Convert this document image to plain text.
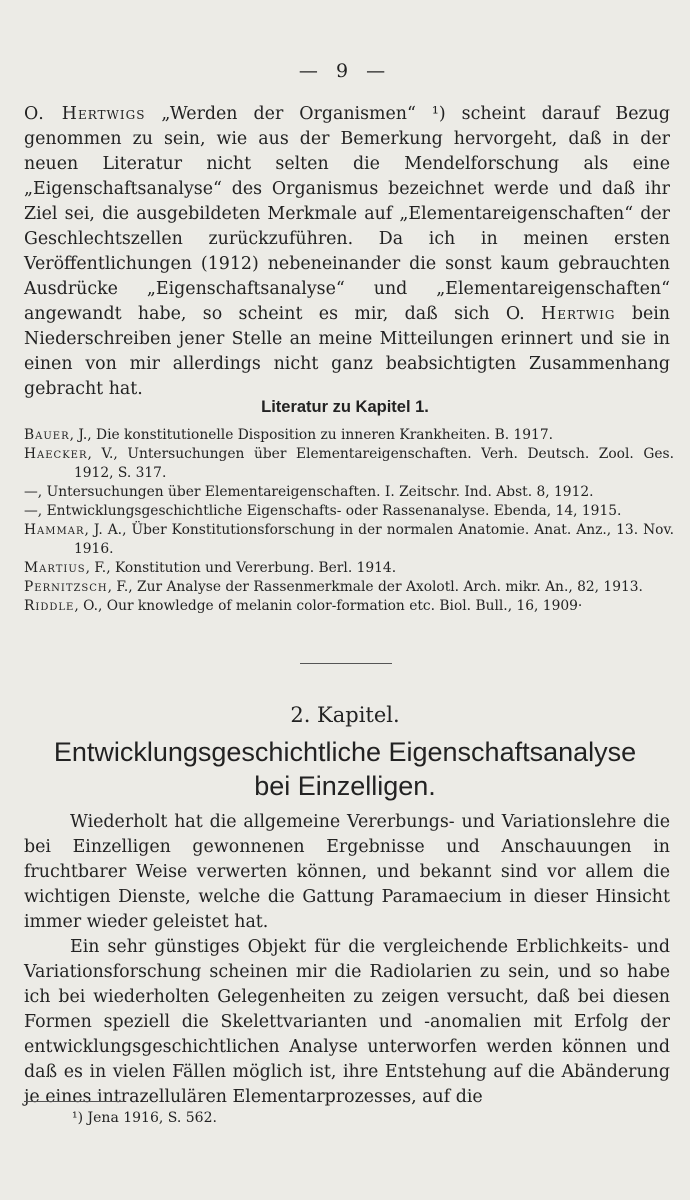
— 9 —

O. Hertwigs „Werden der Organismen“ ¹) scheint darauf Bezug genommen zu sein, wie aus der Bemerkung hervorgeht, daß in der neuen Literatur nicht selten die Mendelforschung als eine „Eigenschaftsanalyse“ des Organismus bezeichnet werde und daß ihr Ziel sei, die ausgebildeten Merkmale auf „Elementareigenschaften“ der Geschlechtszellen zurückzuführen. Da ich in meinen ersten Veröffentlichungen (1912) nebeneinander die sonst kaum gebrauchten Ausdrücke „Eigenschaftsanalyse“ und „Elementareigenschaften“ angewandt habe, so scheint es mir, daß sich O. Hertwig bein Niederschreiben jener Stelle an meine Mitteilungen erinnert und sie in einen von mir allerdings nicht ganz beabsichtigten Zusammenhang gebracht hat.

Literatur zu Kapitel 1.

Bauer, J., Die konstitutionelle Disposition zu inneren Krankheiten. B. 1917.

Haecker, V., Untersuchungen über Elementareigenschaften. Verh. Deutsch. Zool. Ges. 1912, S. 317.

—, Untersuchungen über Elementareigenschaften. I. Zeitschr. Ind. Abst. 8, 1912.

—, Entwicklungsgeschichtliche Eigenschafts- oder Rassenanalyse. Ebenda, 14, 1915.

Hammar, J. A., Über Konstitutionsforschung in der normalen Anatomie. Anat. Anz., 13. Nov. 1916.

Martius, F., Konstitution und Vererbung. Berl. 1914.

Pernitzsch, F., Zur Analyse der Rassenmerkmale der Axolotl. Arch. mikr. An., 82, 1913.

Riddle, O., Our knowledge of melanin color-formation etc. Biol. Bull., 16, 1909·

2. Kapitel.
Entwicklungsgeschichtliche Eigenschaftsanalyse
bei Einzelligen.

Wiederholt hat die allgemeine Vererbungs- und Variationslehre die bei Einzelligen gewonnenen Ergebnisse und Anschauungen in fruchtbarer Weise verwerten können, und bekannt sind vor allem die wichtigen Dienste, welche die Gattung Paramaecium in dieser Hinsicht immer wieder geleistet hat.

Ein sehr günstiges Objekt für die vergleichende Erblichkeits- und Variationsforschung scheinen mir die Radiolarien zu sein, und so habe ich bei wiederholten Gelegenheiten zu zeigen versucht, daß bei diesen Formen speziell die Skelettvarianten und -anomalien mit Erfolg der entwicklungsgeschichtlichen Analyse unterworfen werden können und daß es in vielen Fällen möglich ist, ihre Entstehung auf die Abänderung je eines intrazellulären Elementarprozesses, auf die

¹) Jena 1916, S. 562.
